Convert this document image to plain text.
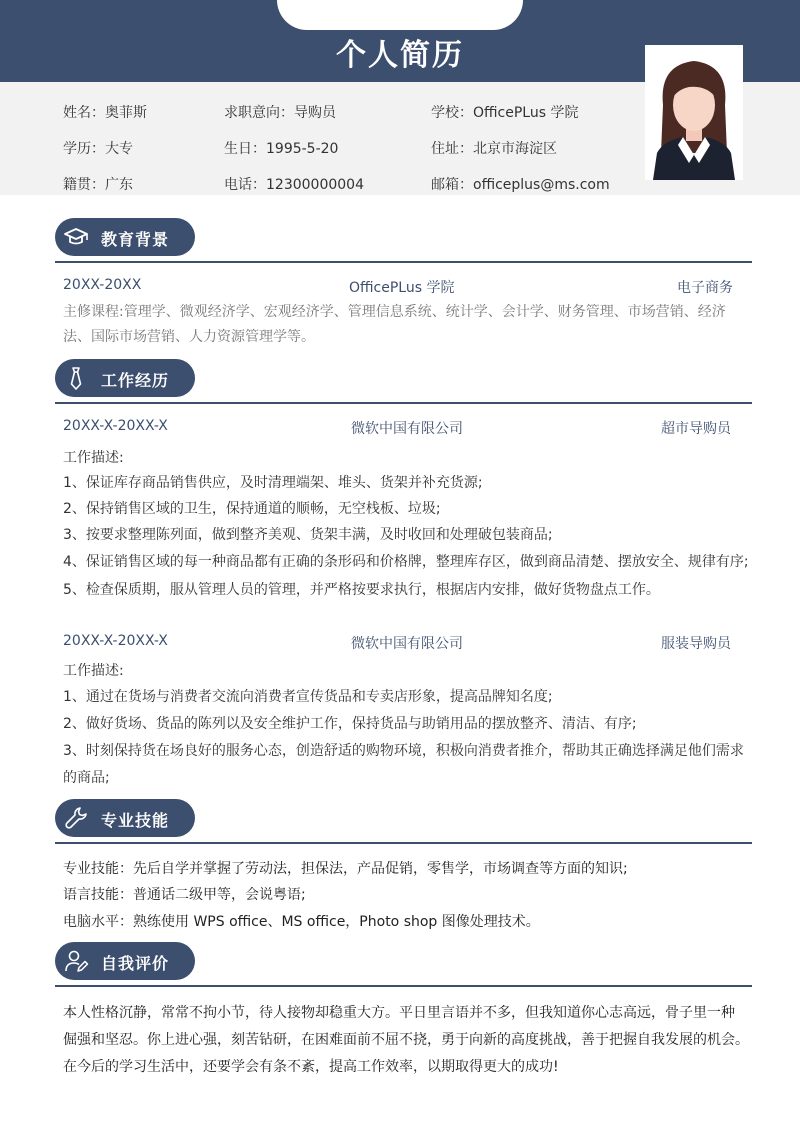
个人简历
姓名：奥菲斯	求职意向：导购员	学校：OfficePLus 学院
学历：大专	生日：1995-5-20	住址：北京市海淀区
籍贯：广东	电话：12300000004	邮箱：officeplus@ms.com
教育背景
20XX-20XX	OfficePLus 学院	电子商务
主修课程:管理学、微观经济学、宏观经济学、管理信息系统、统计学、会计学、财务管理、市场营销、经济
法、国际市场营销、人力资源管理学等。
工作经历
20XX-X-20XX-X	微软中国有限公司	超市导购员
工作描述:
1、保证库存商品销售供应，及时清理端架、堆头、货架并补充货源;
2、保持销售区域的卫生，保持通道的顺畅，无空栈板、垃圾;
3、按要求整理陈列面，做到整齐美观、货架丰满，及时收回和处理破包装商品;
4、保证销售区域的每一种商品都有正确的条形码和价格牌，整理库存区，做到商品清楚、摆放安全、规律有序;
5、检查保质期，服从管理人员的管理，并严格按要求执行，根据店内安排，做好货物盘点工作。
20XX-X-20XX-X	微软中国有限公司	服装导购员
工作描述:
1、通过在货场与消费者交流向消费者宣传货品和专卖店形象，提高品牌知名度;
2、做好货场、货品的陈列以及安全维护工作，保持货品与助销用品的摆放整齐、清洁、有序;
3、时刻保持货在场良好的服务心态，创造舒适的购物环境，积极向消费者推介，帮助其正确选择满足他们需求
的商品;
专业技能
专业技能：先后自学并掌握了劳动法，担保法，产品促销，零售学，市场调查等方面的知识;
语言技能：普通话二级甲等，会说粤语;
电脑水平：熟练使用 WPS office、MS office，Photo shop 图像处理技术。
自我评价
本人性格沉静，常常不拘小节，待人接物却稳重大方。平日里言语并不多，但我知道你心志高远，骨子里一种
倔强和坚忍。你上进心强，刻苦钻研，在困难面前不屈不挠，勇于向新的高度挑战，善于把握自我发展的机会。
在今后的学习生活中，还要学会有条不紊，提高工作效率，以期取得更大的成功!
